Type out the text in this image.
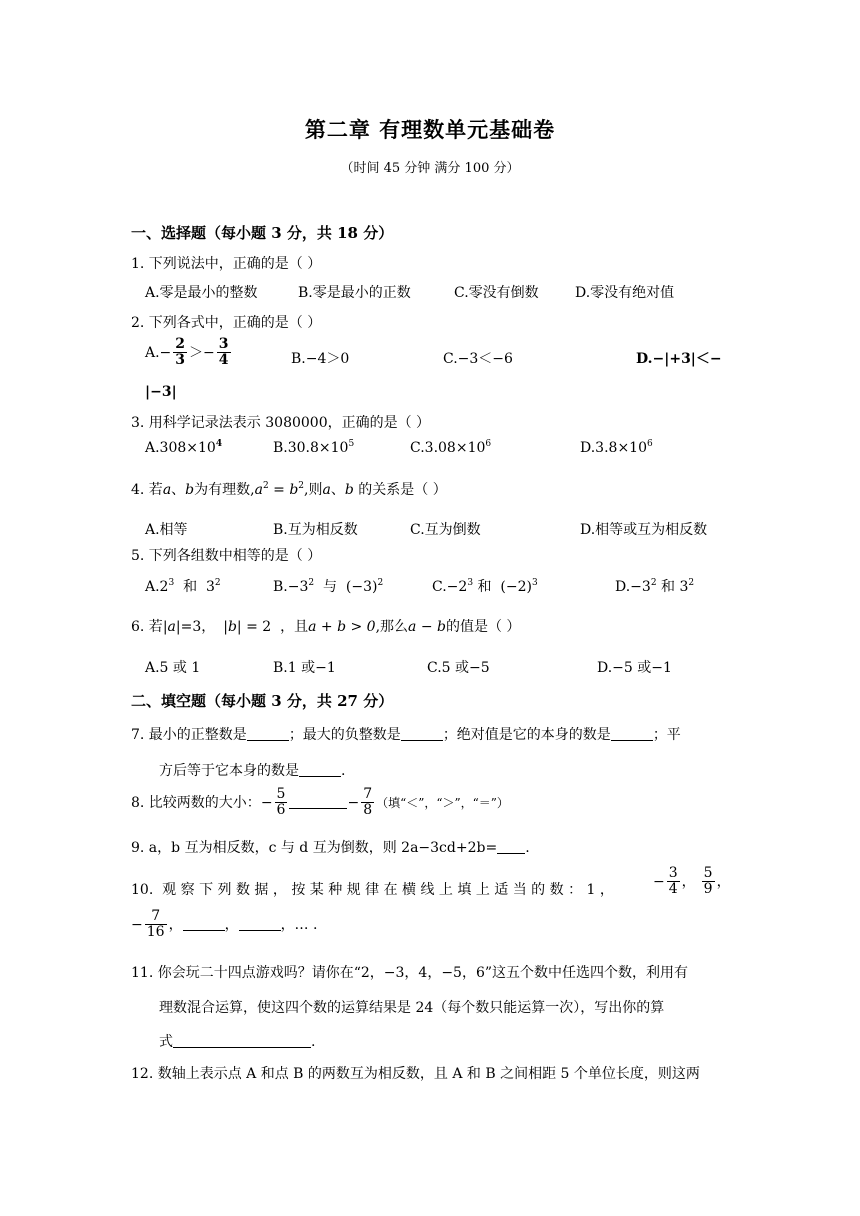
第二章 有理数单元基础卷
（时间 45 分钟 满分 100 分）
一、选择题（每小题 3 分，共 18 分）
1. 下列说法中，正确的是（ ）
A.零是最小的整数	B.零是最小的正数	C.零没有倒数	D.零没有绝对值
2. 下列各式中，正确的是（ ）
$A.- \frac{2}{3} >- \frac{3}{4}$	B.−4＞0	C.−3＜−6	D.−|+3|＜−
|−3|
3. 用科学记录法表示 3080000，正确的是（ ）
$A.308\times 10^4$	$B.30.8\times 10^5$	$C.3.08\times 10^6$	$D.3.8\times 10^6$
4. 若a、b为有理数$,a^2 = b^2$,则a、b 的关系是（ ）
A.相等	B.互为相反数	C.互为倒数	D.相等或互为相反数
5. 下列各组数中相等的是（ ）
$A.2^3$  和  $3^2$	$B.-3^2$  与  $(-3)^2$	$C.-2^3$ 和  $(-2)^3$	$D.-3^2$ 和 $3^2$
6. 若|a|=3， |b| = 2  ，且a + b > 0,那么a − b的值是（ ）
A.5 或 1	B.1 或−1	C.5 或−5	D.−5 或−1
二、填空题（每小题 3 分，共 27 分）
7. 最小的正整数是	；最大的负整数是	；绝对值是它的本身的数是	；平
方后等于它本身的数是	.
8. 比较两数的大小：− $\frac{5}{6}$	− $\frac{7}{8}$ （填“＜”，“＞”，“＝”）
9. a，b 互为相反数，c 与 d 互为倒数，则 2a−3cd+2b= .
10.  观 察 下 列 数 据 ， 按 某 种 规 律 在 横 线 上 填 上 适 当 的 数 ： 1 ，
− $\frac{3}{4}$ ， $\frac{5}{9}$ ，
− $\frac{7}{16}$ ，	，	，… .
11. 你会玩二十四点游戏吗？请你在“2，−3，4，−5，6”这五个数中任选四个数，利用有
理数混合运算，使这四个数的运算结果是 24（每个数只能运算一次），写出你的算
式	.
12. 数轴上表示点 A 和点 B 的两数互为相反数，且 A 和 B 之间相距 5 个单位长度，则这两
